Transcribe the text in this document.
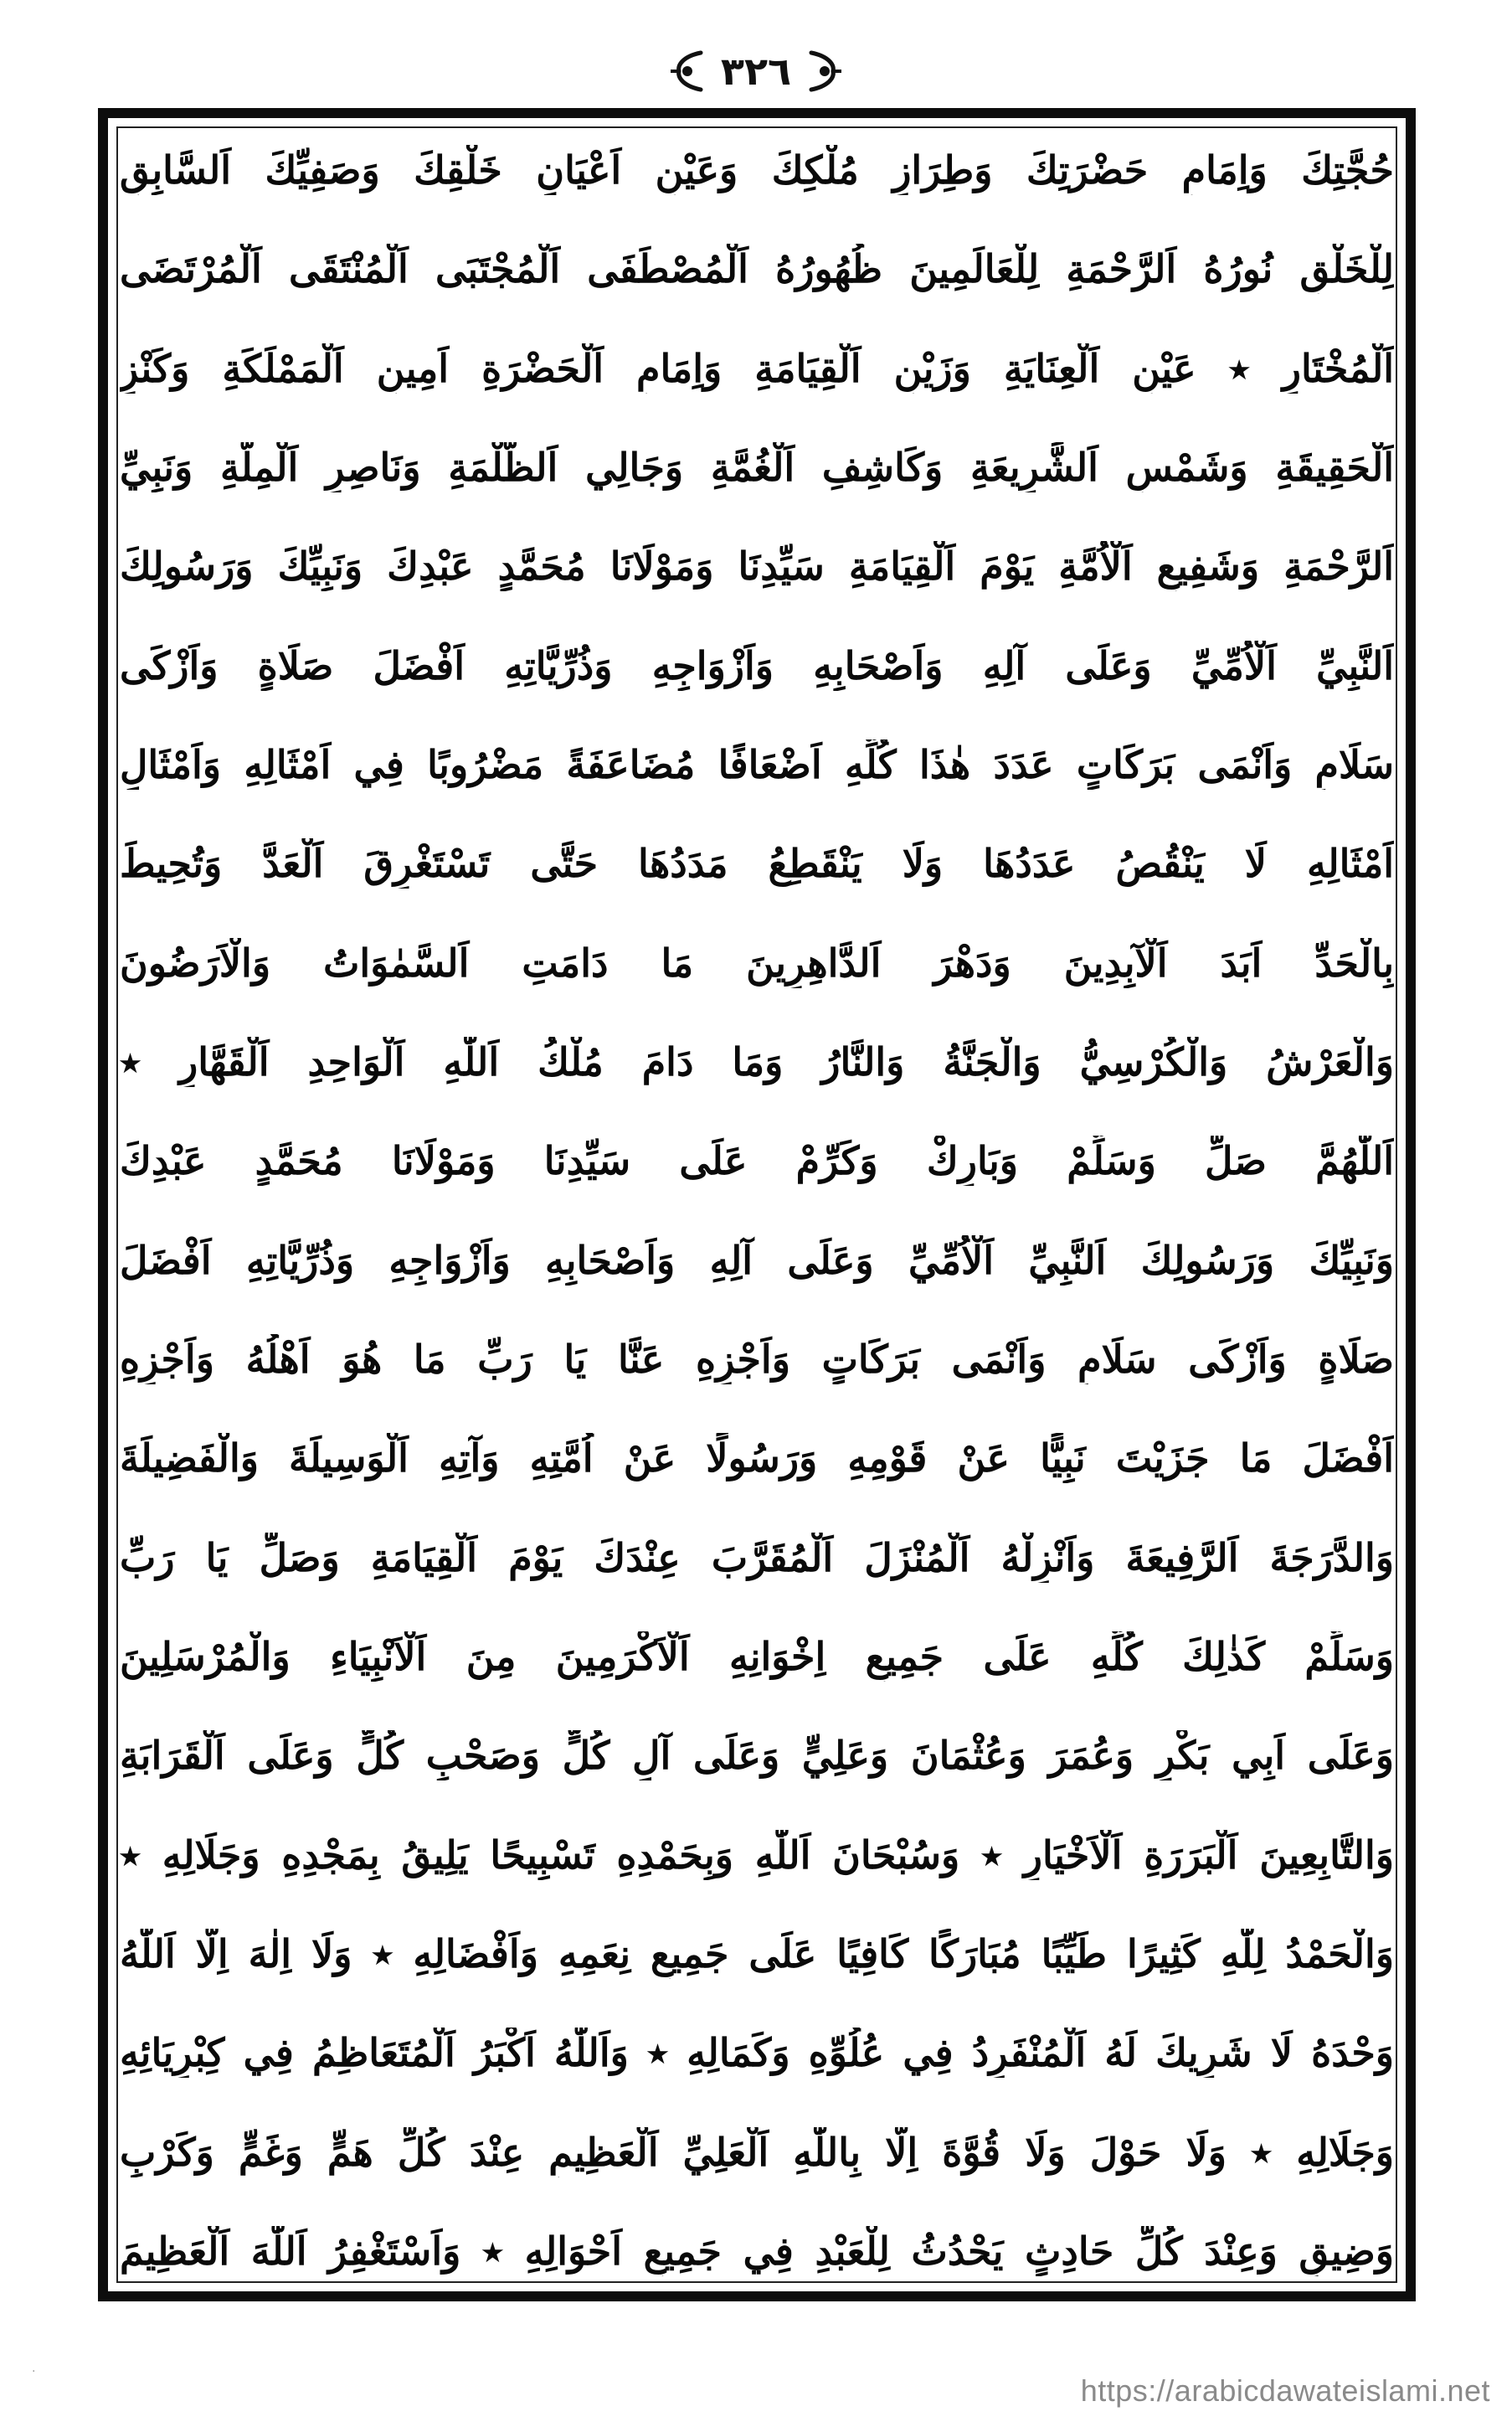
٣٢٦
حُجَّتِكَ وَاِمَامِ حَضْرَتِكَ وَطِرَازِ مُلْكِكَ وَعَيْنِ اَعْيَانِ خَلْقِكَ وَصَفِيِّكَ اَلسَّابِقِ
لِلْخَلْقِ نُورُهُ اَلرَّحْمَةِ لِلْعَالَمِينَ ظُهُورُهُ اَلْمُصْطَفَى اَلْمُجْتَبَى اَلْمُنْتَقَى اَلْمُرْتَضَى
اَلْمُخْتَارِ ٭ عَيْنِ اَلْعِنَايَةِ وَزَيْنِ اَلْقِيَامَةِ وَاِمَامِ اَلْحَضْرَةِ اَمِينِ اَلْمَمْلَكَةِ وَكَنْزِ
اَلْحَقِيقَةِ وَشَمْسِ اَلشَّرِيعَةِ وَكَاشِفِ اَلْغُمَّةِ وَجَالِي اَلظُّلْمَةِ وَنَاصِرِ اَلْمِلَّةِ وَنَبِيِّ
اَلرَّحْمَةِ وَشَفِيعِ اَلْاُمَّةِ يَوْمَ اَلْقِيَامَةِ سَيِّدِنَا وَمَوْلَانَا مُحَمَّدٍ عَبْدِكَ وَنَبِيِّكَ وَرَسُولِكَ
اَلنَّبِيِّ اَلْاُمِّيِّ وَعَلَى آلِهِ وَاَصْحَابِهِ وَاَزْوَاجِهِ وَذُرِّيَّاتِهِ اَفْضَلَ صَلَاةٍ وَاَزْكَى
سَلَامٍ وَاَنْمَى بَرَكَاتٍ عَدَدَ هٰذَا كُلِّهِ اَضْعَافًا مُضَاعَفَةً مَضْرُوبًا فِي اَمْثَالِهِ وَاَمْثَالِ
اَمْثَالِهِ لَا يَنْقُصُ عَدَدُهَا وَلَا يَنْقَطِعُ مَدَدُهَا حَتَّى تَسْتَغْرِقَ اَلْعَدَّ وَتُحِيطَ
بِالْحَدِّ اَبَدَ اَلْآبِدِينَ وَدَهْرَ اَلدَّاهِرِينَ مَا دَامَتِ اَلسَّمٰوَاتُ وَالْاَرَضُونَ
وَالْعَرْشُ وَالْكُرْسِيُّ وَالْجَنَّةُ وَالنَّارُ وَمَا دَامَ مُلْكُ اَللّٰهِ اَلْوَاحِدِ اَلْقَهَّارِ ٭
اَللّٰهُمَّ صَلِّ وَسَلِّمْ وَبَارِكْ وَكَرِّمْ عَلَى سَيِّدِنَا وَمَوْلَانَا مُحَمَّدٍ عَبْدِكَ
وَنَبِيِّكَ وَرَسُولِكَ اَلنَّبِيِّ اَلْاُمِّيِّ وَعَلَى آلِهِ وَاَصْحَابِهِ وَاَزْوَاجِهِ وَذُرِّيَّاتِهِ اَفْضَلَ
صَلَاةٍ وَاَزْكَى سَلَامٍ وَاَنْمَى بَرَكَاتٍ وَاَجْزِهِ عَنَّا يَا رَبِّ مَا هُوَ اَهْلُهُ وَاَجْزِهِ
اَفْضَلَ مَا جَزَيْتَ نَبِيًّا عَنْ قَوْمِهِ وَرَسُولًا عَنْ اُمَّتِهِ وَآتِهِ اَلْوَسِيلَةَ وَالْفَضِيلَةَ
وَالدَّرَجَةَ اَلرَّفِيعَةَ وَاَنْزِلْهُ اَلْمُنْزَلَ اَلْمُقَرَّبَ عِنْدَكَ يَوْمَ اَلْقِيَامَةِ وَصَلِّ يَا رَبِّ
وَسَلِّمْ كَذٰلِكَ كُلِّهِ عَلَى جَمِيعِ اِخْوَانِهِ اَلْاَكْرَمِينَ مِنَ اَلْاَنْبِيَاءِ وَالْمُرْسَلِينَ
وَعَلَى اَبِي بَكْرٍ وَعُمَرَ وَعُثْمَانَ وَعَلِيٍّ وَعَلَى آلِ كُلٍّ وَصَحْبِ كُلٍّ وَعَلَى اَلْقَرَابَةِ
وَالتَّابِعِينَ اَلْبَرَرَةِ اَلْاَخْيَارِ ٭ وَسُبْحَانَ اَللّٰهِ وَبِحَمْدِهِ تَسْبِيحًا يَلِيقُ بِمَجْدِهِ وَجَلَالِهِ ٭
وَالْحَمْدُ لِلّٰهِ كَثِيرًا طَيِّبًا مُبَارَكًا كَافِيًا عَلَى جَمِيعِ نِعَمِهِ وَاَفْضَالِهِ ٭ وَلَا اِلٰهَ اِلَّا اَللّٰهُ
وَحْدَهُ لَا شَرِيكَ لَهُ اَلْمُنْفَرِدُ فِي عُلُوِّهِ وَكَمَالِهِ ٭ وَاَللّٰهُ اَكْبَرُ اَلْمُتَعَاظِمُ فِي كِبْرِيَائِهِ
وَجَلَالِهِ ٭ وَلَا حَوْلَ وَلَا قُوَّةَ اِلَّا بِاللّٰهِ اَلْعَلِيِّ اَلْعَظِيمِ عِنْدَ كُلِّ هَمٍّ وَغَمٍّ وَكَرْبٍ
وَضِيقٍ وَعِنْدَ كُلِّ حَادِثٍ يَحْدُثُ لِلْعَبْدِ فِي جَمِيعِ اَحْوَالِهِ ٭ وَاَسْتَغْفِرُ اَللّٰهَ اَلْعَظِيمَ
·
https://arabicdawateislami.net
